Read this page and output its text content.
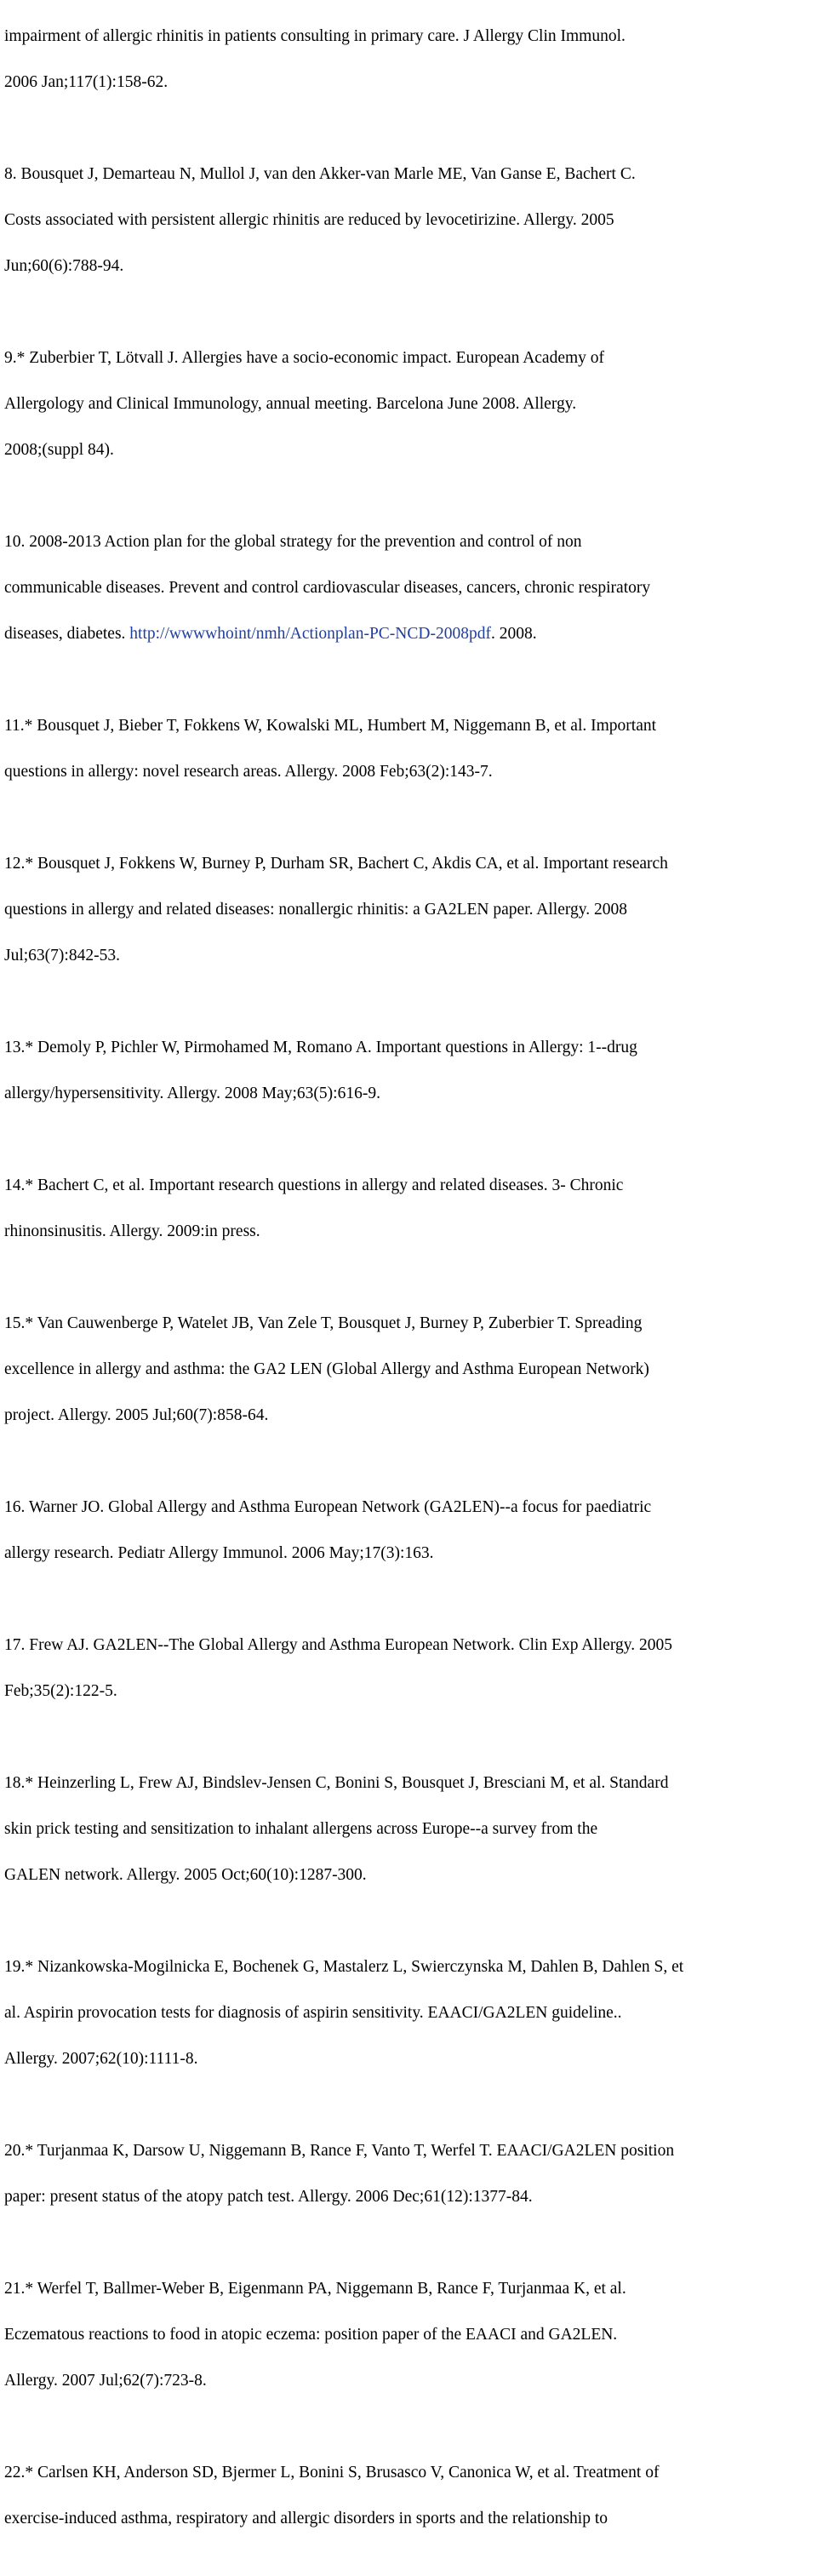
impairment of allergic rhinitis in patients consulting in primary care. J Allergy Clin Immunol.

2006 Jan;117(1):158-62.

8. Bousquet J, Demarteau N, Mullol J, van den Akker-van Marle ME, Van Ganse E, Bachert C.

Costs associated with persistent allergic rhinitis are reduced by levocetirizine. Allergy. 2005

Jun;60(6):788-94.

9.* Zuberbier T, Lötvall J. Allergies have a socio-economic impact. European Academy of

Allergology and Clinical Immunology, annual meeting. Barcelona June 2008. Allergy.

2008;(suppl 84).

10. 2008-2013 Action plan for the global strategy for the prevention and control of non

communicable diseases. Prevent and control cardiovascular diseases, cancers, chronic respiratory

diseases, diabetes. http://wwwwhoint/nmh/Actionplan-PC-NCD-2008pdf. 2008.

11.* Bousquet J, Bieber T, Fokkens W, Kowalski ML, Humbert M, Niggemann B, et al. Important

questions in allergy: novel research areas. Allergy. 2008 Feb;63(2):143-7.

12.* Bousquet J, Fokkens W, Burney P, Durham SR, Bachert C, Akdis CA, et al. Important research

questions in allergy and related diseases: nonallergic rhinitis: a GA2LEN paper. Allergy. 2008

Jul;63(7):842-53.

13.* Demoly P, Pichler W, Pirmohamed M, Romano A. Important questions in Allergy: 1--drug

allergy/hypersensitivity. Allergy. 2008 May;63(5):616-9.

14.* Bachert C, et al. Important research questions in allergy and related diseases. 3- Chronic

rhinonsinusitis. Allergy. 2009:in press.

15.* Van Cauwenberge P, Watelet JB, Van Zele T, Bousquet J, Burney P, Zuberbier T. Spreading

excellence in allergy and asthma: the GA2 LEN (Global Allergy and Asthma European Network)

project. Allergy. 2005 Jul;60(7):858-64.

16. Warner JO. Global Allergy and Asthma European Network (GA2LEN)--a focus for paediatric

allergy research. Pediatr Allergy Immunol. 2006 May;17(3):163.

17. Frew AJ. GA2LEN--The Global Allergy and Asthma European Network. Clin Exp Allergy. 2005

Feb;35(2):122-5.

18.* Heinzerling L, Frew AJ, Bindslev-Jensen C, Bonini S, Bousquet J, Bresciani M, et al. Standard

skin prick testing and sensitization to inhalant allergens across Europe--a survey from the

GALEN network. Allergy. 2005 Oct;60(10):1287-300.

19.* Nizankowska-Mogilnicka E, Bochenek G, Mastalerz L, Swierczynska M, Dahlen B, Dahlen S, et

al. Aspirin provocation tests for diagnosis of aspirin sensitivity. EAACI/GA2LEN guideline..

Allergy. 2007;62(10):1111-8.

20.* Turjanmaa K, Darsow U, Niggemann B, Rance F, Vanto T, Werfel T. EAACI/GA2LEN position

paper: present status of the atopy patch test. Allergy. 2006 Dec;61(12):1377-84.

21.* Werfel T, Ballmer-Weber B, Eigenmann PA, Niggemann B, Rance F, Turjanmaa K, et al.

Eczematous reactions to food in atopic eczema: position paper of the EAACI and GA2LEN.

Allergy. 2007 Jul;62(7):723-8.

22.* Carlsen KH, Anderson SD, Bjermer L, Bonini S, Brusasco V, Canonica W, et al. Treatment of

exercise-induced asthma, respiratory and allergic disorders in sports and the relationship to
